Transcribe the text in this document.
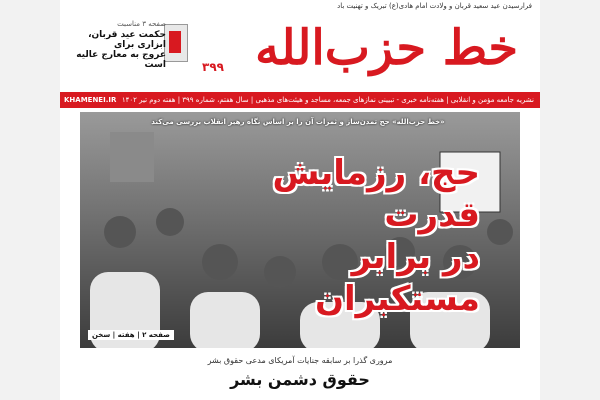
فرارسیدن عید سعید قربان و ولادت امام هادی(ع) تبریک و تهنیت باد
خط حزب‌الله
۳۹۹
صفحه ۳ مناسبت
حکمت عید قربان، ابزاری برای
عروج به معارج عالیه است
نشریه جامعه مؤمن و انقلابی | هفته‌نامه خبری - تبیینی نمازهای جمعه، مساجد و هیئت‌های مذهبی | سال هفتم، شماره ۳۹۹ | هفته دوم تیر ۱۴۰۲
KHAMENEI.IR
«خط حزب‌الله» حج تمدن‌ساز و ثمرات آن را بر اساس نگاه رهبر انقلاب بررسی می‌کند
حج، رزمایش قدرت
در برابر مستکبران
صفحه ۲ | هفته | سخن
مروری گذرا بر سابقه جنایات آمریکای مدعی حقوق بشر
حقوق دشمن بشر
